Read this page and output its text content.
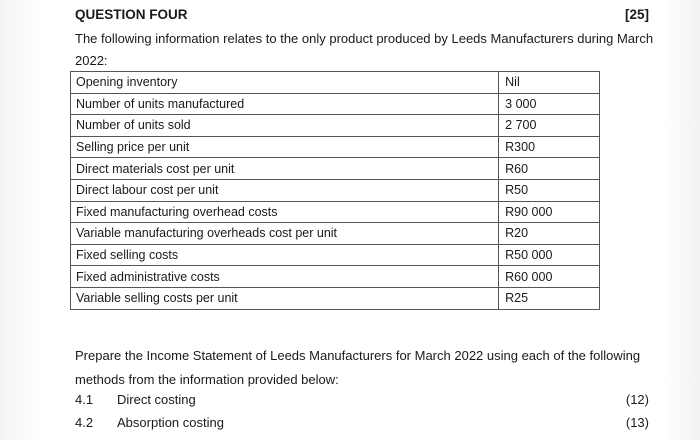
QUESTION FOUR	[25]
The following information relates to the only product produced by Leeds Manufacturers during March 2022:
Opening inventory	Nil
Number of units manufactured	3 000
Number of units sold	2 700
Selling price per unit	R300
Direct materials cost per unit	R60
Direct labour cost per unit	R50
Fixed manufacturing overhead costs	R90 000
Variable manufacturing overheads cost per unit	R20
Fixed selling costs	R50 000
Fixed administrative costs	R60 000
Variable selling costs per unit	R25
Prepare the Income Statement of Leeds Manufacturers for March 2022 using each of the following methods from the information provided below:
4.1	Direct costing	(12)
4.2	Absorption costing	(13)
